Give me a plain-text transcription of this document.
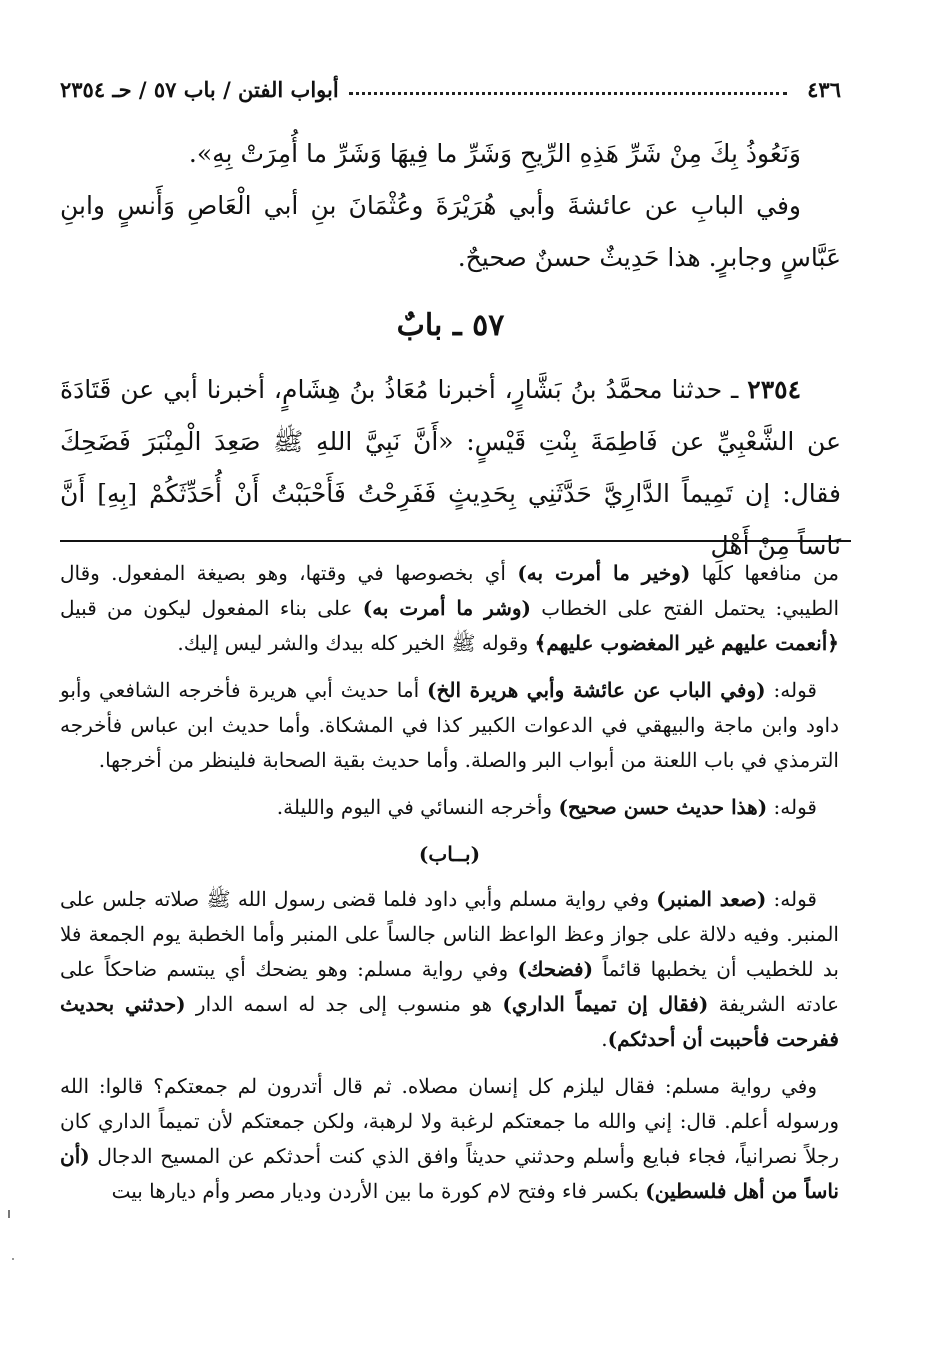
٤٣٦
أبواب الفتن / باب ٥٧ / حـ ٢٣٥٤

وَنَعُوذُ بِكَ مِنْ شَرِّ هَذِهِ الرِّيحِ وَشَرِّ ما فِيهَا وَشَرِّ ما أُمِرَتْ بِهِ».

وفي البابِ عن عائشةَ وأبي هُرَيْرَةَ وعُثْمَانَ بنِ أبي الْعَاصِ وَأَنسٍ وابنِ عَبَّاسٍ وجابرٍ. هذا حَدِيثٌ حسنٌ صحيحٌ.

٥٧ ـ بابٌ

٢٣٥٤ ـ حدثنا محمَّدُ بنُ بَشَّارٍ، أخبرنا مُعَاذُ بنُ هِشَامٍ، أخبرنا أبي عن قَتَادَةَ عن الشَّعْبِيِّ عن فَاطِمَةَ بِنْتِ قَيْسٍ: «أَنَّ نَبِيَّ اللهِ ﷺ صَعِدَ الْمِنْبَرَ فَضَحِكَ فقال: إن تَمِيماً الدَّارِيَّ حَدَّثَنِي بِحَدِيثٍ فَفَرِحْتُ فَأَحْبَبْتُ أَنْ أُحَدِّثَكُمْ [بِهِ] أَنَّ نَاساً مِنْ أَهْلِ

من منافعها كلها (وخير ما أمرت به) أي بخصوصها في وقتها، وهو بصيغة المفعول. وقال الطيبي: يحتمل الفتح على الخطاب (وشر ما أمرت به) على بناء المفعول ليكون من قبيل ﴿أنعمت عليهم غير المغضوب عليهم﴾ وقوله ﷺ الخير كله بيدك والشر ليس إليك.

قوله: (وفي الباب عن عائشة وأبي هريرة الخ) أما حديث أبي هريرة فأخرجه الشافعي وأبو داود وابن ماجة والبيهقي في الدعوات الكبير كذا في المشكاة. وأما حديث ابن عباس فأخرجه الترمذي في باب اللعنة من أبواب البر والصلة. وأما حديث بقية الصحابة فلينظر من أخرجها.

قوله: (هذا حديث حسن صحيح) وأخرجه النسائي في اليوم والليلة.

(بــاب)

قوله: (صعد المنبر) وفي رواية مسلم وأبي داود فلما قضى رسول الله ﷺ صلاته جلس على المنبر. وفيه دلالة على جواز وعظ الواعظ الناس جالساً على المنبر وأما الخطبة يوم الجمعة فلا بد للخطيب أن يخطبها قائماً (فضحك) وفي رواية مسلم: وهو يضحك أي يبتسم ضاحكاً على عادته الشريفة (فقال إن تميماً الداري) هو منسوب إلى جد له اسمه الدار (حدثني بحديث ففرحت فأحببت أن أحدثكم).

وفي رواية مسلم: فقال ليلزم كل إنسان مصلاه. ثم قال أتدرون لم جمعتكم؟ قالوا: الله ورسوله أعلم. قال: إني والله ما جمعتكم لرغبة ولا لرهبة، ولكن جمعتكم لأن تميماً الداري كان رجلاً نصرانياً، فجاء فبايع وأسلم وحدثني حديثاً وافق الذي كنت أحدثكم عن المسيح الدجال (أن ناساً من أهل فلسطين) بكسر فاء وفتح لام كورة ما بين الأردن وديار مصر وأم ديارها بيت
